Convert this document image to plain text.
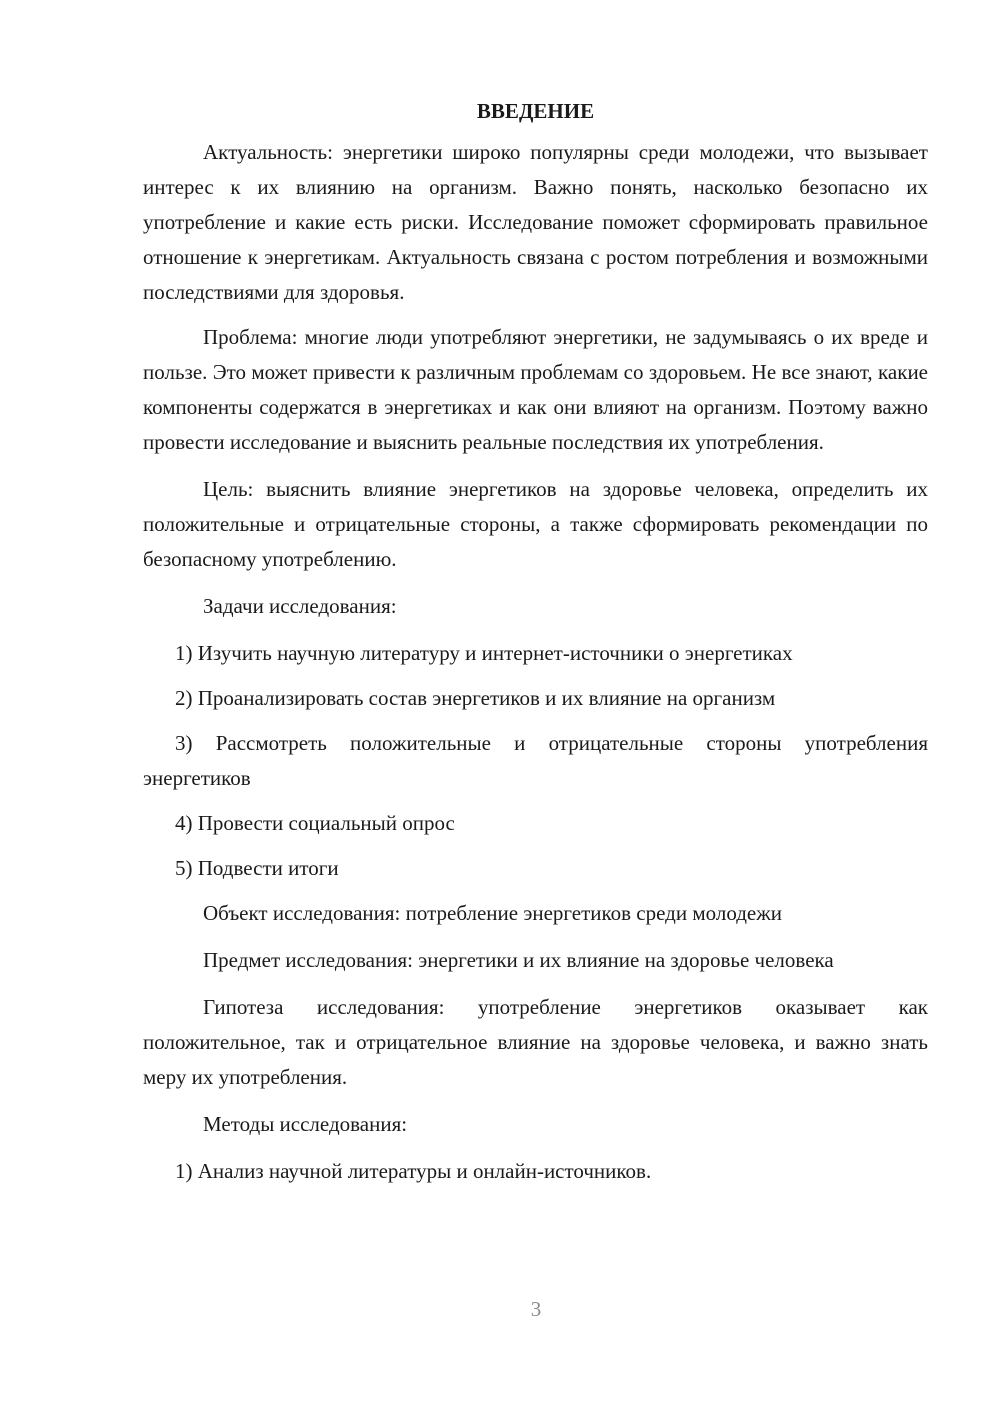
ВВЕДЕНИЕ
Актуальность: энергетики широко популярны среди молодежи, что вызывает интерес к их влиянию на организм. Важно понять, насколько безопасно их употребление и какие есть риски. Исследование поможет сформировать правильное отношение к энергетикам. Актуальность связана с ростом потребления и возможными последствиями для здоровья.
Проблема: многие люди употребляют энергетики, не задумываясь о их вреде и пользе. Это может привести к различным проблемам со здоровьем. Не все знают, какие компоненты содержатся в энергетиках и как они влияют на организм. Поэтому важно провести исследование и выяснить реальные последствия их употребления.
Цель: выяснить влияние энергетиков на здоровье человека, определить их положительные и отрицательные стороны, а также сформировать рекомендации по безопасному употреблению.
Задачи исследования:
1) Изучить научную литературу и интернет-источники о энергетиках
2) Проанализировать состав энергетиков и их влияние на организм
3) Рассмотреть положительные и отрицательные стороны употребления энергетиков
4) Провести социальный опрос
5) Подвести итоги
Объект исследования: потребление энергетиков среди молодежи
Предмет исследования: энергетики и их влияние на здоровье человека
Гипотеза исследования: употребление энергетиков оказывает как положительное, так и отрицательное влияние на здоровье человека, и важно знать меру их употребления.
Методы исследования:
1) Анализ научной литературы и онлайн-источников.
3
